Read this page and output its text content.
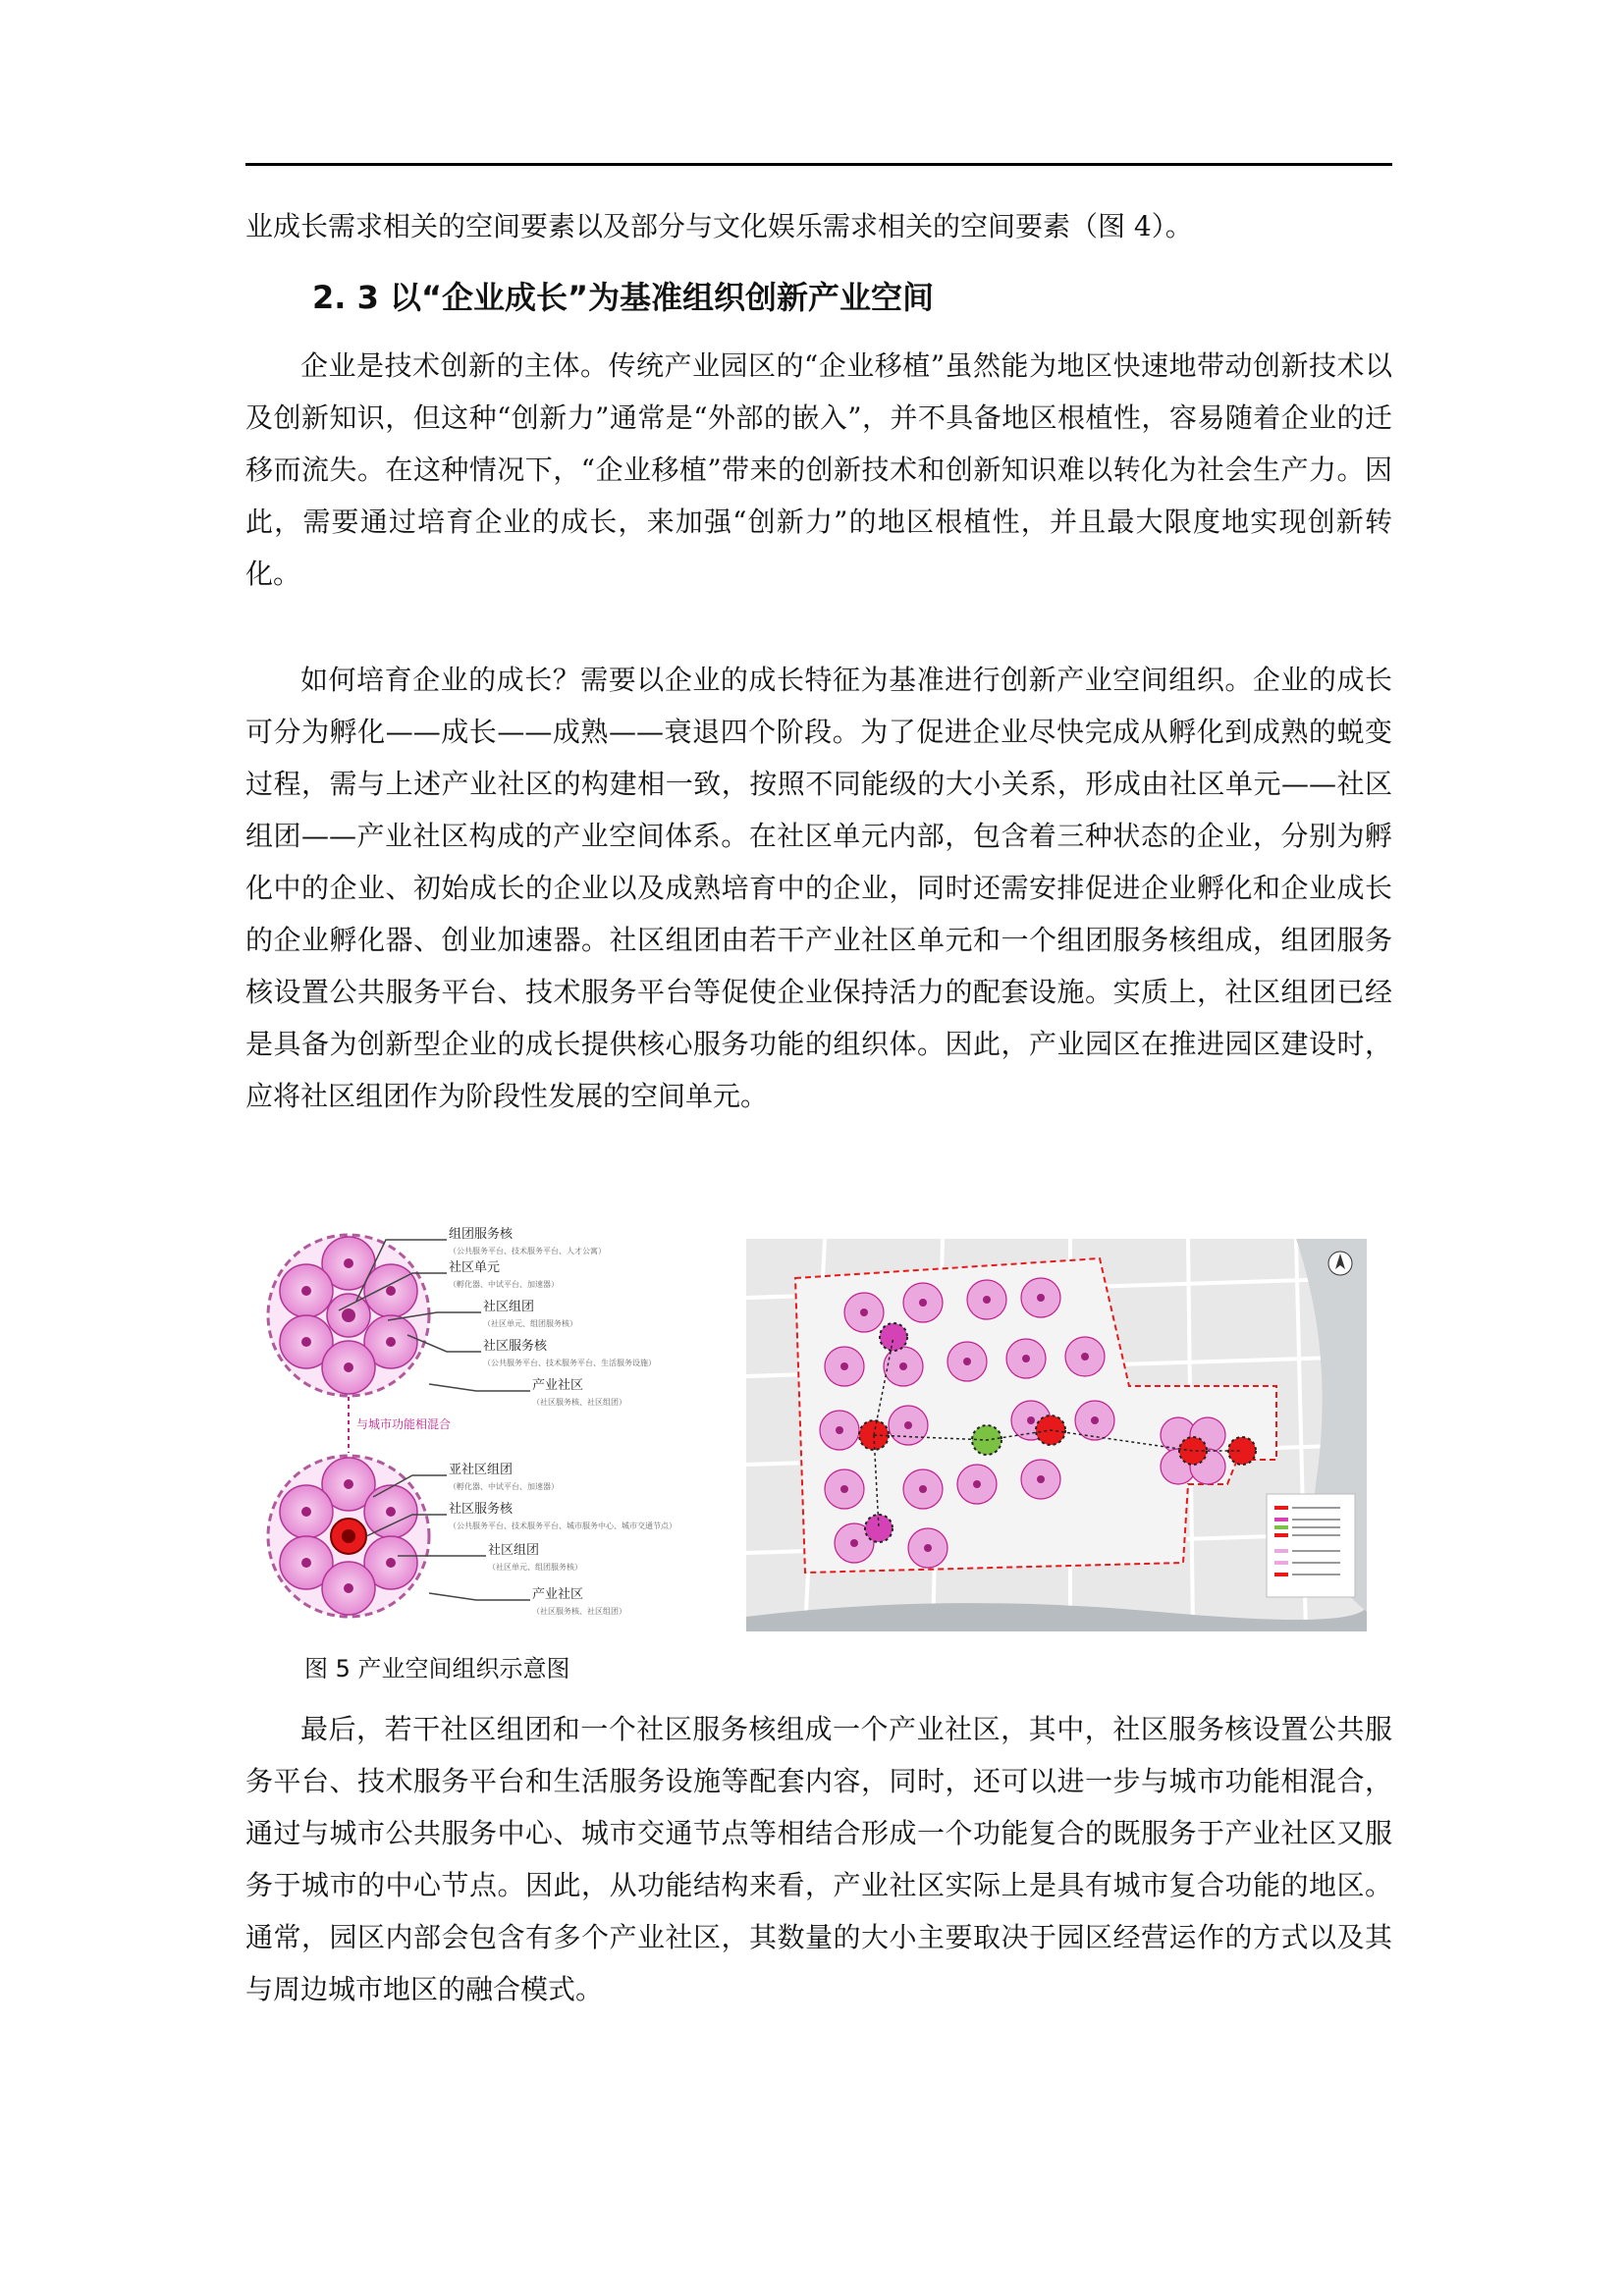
业成长需求相关的空间要素以及部分与文化娱乐需求相关的空间要素（图 4）。

2. 3 以“企业成长”为基准组织创新产业空间

企业是技术创新的主体。传统产业园区的“企业移植”虽然能为地区快速地带动创新技术以及创新知识，但这种“创新力”通常是“外部的嵌入”，并不具备地区根植性，容易随着企业的迁移而流失。在这种情况下，“企业移植”带来的创新技术和创新知识难以转化为社会生产力。因此，需要通过培育企业的成长，来加强“创新力”的地区根植性，并且最大限度地实现创新转化。

如何培育企业的成长？需要以企业的成长特征为基准进行创新产业空间组织。企业的成长可分为孵化——成长——成熟——衰退四个阶段。为了促进企业尽快完成从孵化到成熟的蜕变过程，需与上述产业社区的构建相一致，按照不同能级的大小关系，形成由社区单元——社区组团——产业社区构成的产业空间体系。在社区单元内部，包含着三种状态的企业，分别为孵化中的企业、初始成长的企业以及成熟培育中的企业，同时还需安排促进企业孵化和企业成长的企业孵化器、创业加速器。社区组团由若干产业社区单元和一个组团服务核组成，组团服务核设置公共服务平台、技术服务平台等促使企业保持活力的配套设施。实质上，社区组团已经是具备为创新型企业的成长提供核心服务功能的组织体。因此，产业园区在推进园区建设时，应将社区组团作为阶段性发展的空间单元。

组团服务核
（公共服务平台、技术服务平台、人才公寓）
社区单元
（孵化器、中试平台、加速器）
社区组团
（社区单元、组团服务核）
社区服务核
（公共服务平台、技术服务平台、生活服务设施）
产业社区
（社区服务核、社区组团）
与城市功能相混合
亚社区组团
（孵化器、中试平台、加速器）
社区服务核
（公共服务平台、技术服务平台、城市服务中心、城市交通节点）
社区组团
（社区单元、组团服务核）
产业社区
（社区服务核、社区组团）

图 5 产业空间组织示意图

最后，若干社区组团和一个社区服务核组成一个产业社区，其中，社区服务核设置公共服务平台、技术服务平台和生活服务设施等配套内容，同时，还可以进一步与城市功能相混合，通过与城市公共服务中心、城市交通节点等相结合形成一个功能复合的既服务于产业社区又服务于城市的中心节点。因此，从功能结构来看，产业社区实际上是具有城市复合功能的地区。通常，园区内部会包含有多个产业社区，其数量的大小主要取决于园区经营运作的方式以及其与周边城市地区的融合模式。
